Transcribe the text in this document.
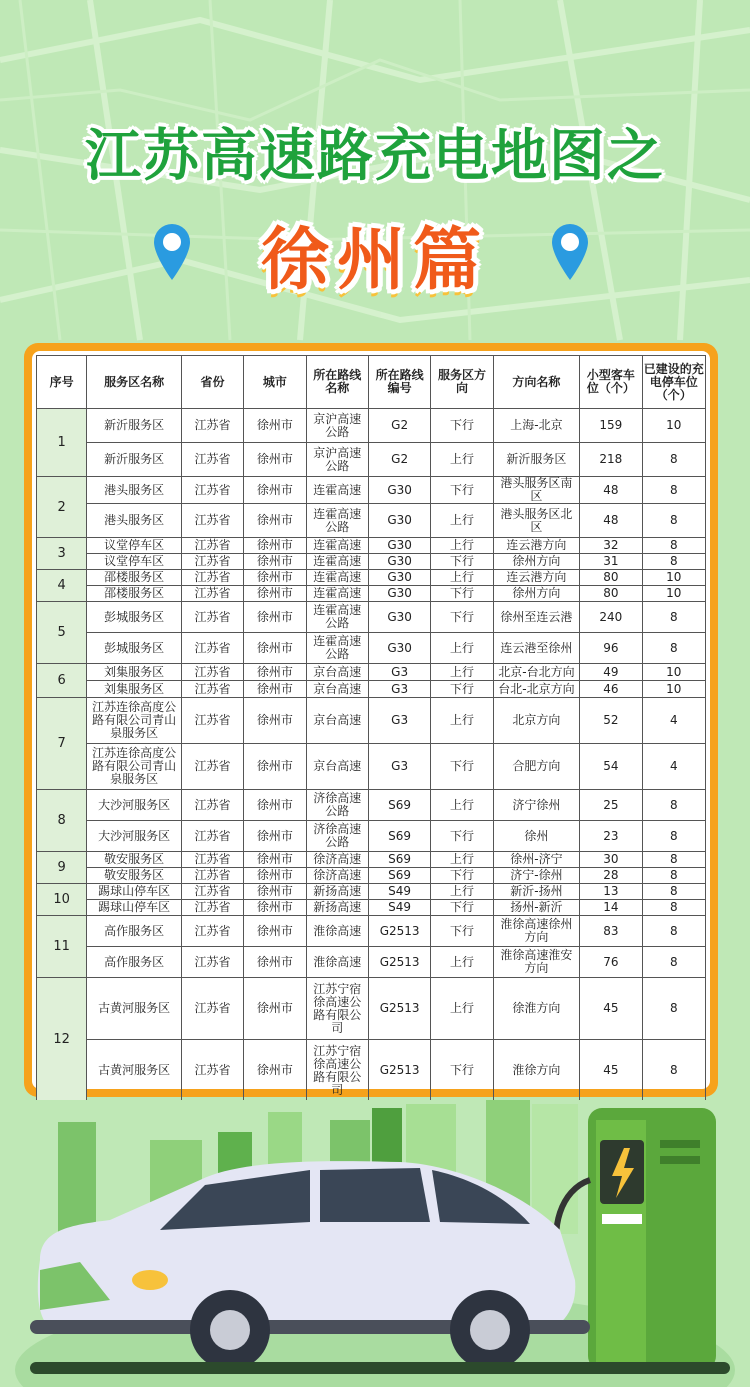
江苏高速路充电地图之
徐州篇
序号	服务区名称	省份	城市	所在路线名称	所在路线编号	服务区方向	方向名称	小型客车位（个）	已建设的充电停车位（个）
1	新沂服务区	江苏省	徐州市	京沪高速公路	G2	下行	上海-北京	159	10
	新沂服务区	江苏省	徐州市	京沪高速公路	G2	上行	新沂服务区	218	8
2	港头服务区	江苏省	徐州市	连霍高速	G30	下行	港头服务区南区	48	8
	港头服务区	江苏省	徐州市	连霍高速公路	G30	上行	港头服务区北区	48	8
3	议堂停车区	江苏省	徐州市	连霍高速	G30	上行	连云港方向	32	8
	议堂停车区	江苏省	徐州市	连霍高速	G30	下行	徐州方向	31	8
4	邵楼服务区	江苏省	徐州市	连霍高速	G30	上行	连云港方向	80	10
	邵楼服务区	江苏省	徐州市	连霍高速	G30	下行	徐州方向	80	10
5	彭城服务区	江苏省	徐州市	连霍高速公路	G30	下行	徐州至连云港	240	8
	彭城服务区	江苏省	徐州市	连霍高速公路	G30	上行	连云港至徐州	96	8
6	刘集服务区	江苏省	徐州市	京台高速	G3	上行	北京-台北方向	49	10
	刘集服务区	江苏省	徐州市	京台高速	G3	下行	台北-北京方向	46	10
7	江苏连徐高度公路有限公司青山泉服务区	江苏省	徐州市	京台高速	G3	上行	北京方向	52	4
	江苏连徐高度公路有限公司青山泉服务区	江苏省	徐州市	京台高速	G3	下行	合肥方向	54	4
8	大沙河服务区	江苏省	徐州市	济徐高速公路	S69	上行	济宁徐州	25	8
	大沙河服务区	江苏省	徐州市	济徐高速公路	S69	下行	徐州	23	8
9	敬安服务区	江苏省	徐州市	徐济高速	S69	上行	徐州-济宁	30	8
	敬安服务区	江苏省	徐州市	徐济高速	S69	下行	济宁-徐州	28	8
10	踢球山停车区	江苏省	徐州市	新扬高速	S49	上行	新沂-扬州	13	8
	踢球山停车区	江苏省	徐州市	新扬高速	S49	下行	扬州-新沂	14	8
11	高作服务区	江苏省	徐州市	淮徐高速	G2513	下行	淮徐高速徐州方向	83	8
	高作服务区	江苏省	徐州市	淮徐高速	G2513	上行	淮徐高速淮安方向	76	8
12	古黄河服务区	江苏省	徐州市	江苏宁宿徐高速公路有限公司	G2513	上行	徐淮方向	45	8
	古黄河服务区	江苏省	徐州市	江苏宁宿徐高速公路有限公司	G2513	下行	淮徐方向	45	8
